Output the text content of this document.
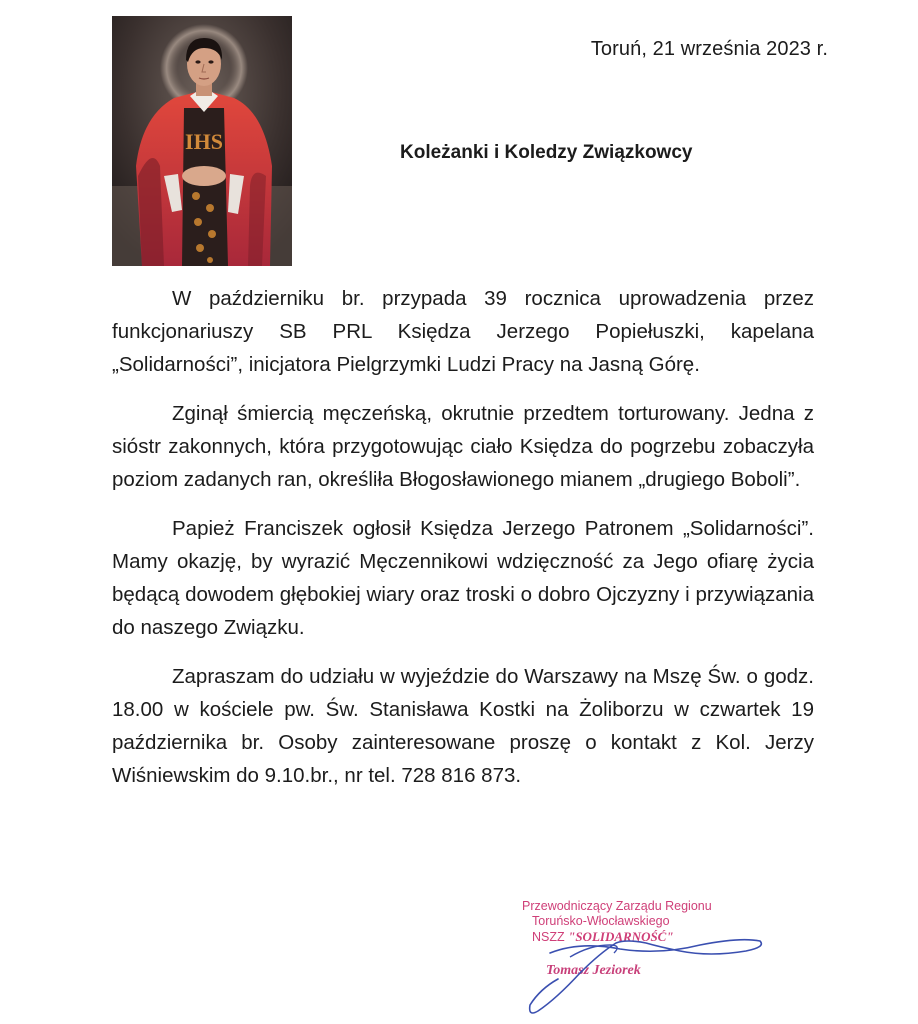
IHS
Toruń, 21 września 2023 r.
Koleżanki i Koledzy Związkowcy

W październiku br. przypada 39 rocznica uprowadzenia przez funkcjonariuszy SB PRL Księdza Jerzego Popiełuszki, kapelana „Solidarności”, inicjatora Pielgrzymki Ludzi Pracy na Jasną Górę.

Zginął śmiercią męczeńską, okrutnie przedtem torturowany. Jedna z sióstr zakonnych, która przygotowując ciało Księdza do pogrzebu zobaczyła poziom zadanych ran, określiła Błogosławionego mianem „drugiego Boboli”.

Papież Franciszek ogłosił Księdza Jerzego Patronem „Solidarności”. Mamy okazję, by wyrazić Męczennikowi wdzięczność za Jego ofiarę życia będącą dowodem głębokiej wiary oraz troski o dobro Ojczyzny i przywiązania do naszego Związku.

Zapraszam do udziału w wyjeździe do Warszawy na Mszę Św. o godz. 18.00 w kościele pw. Św. Stanisława Kostki na Żoliborzu w czwartek 19 października br. Osoby zainteresowane proszę o kontakt z Kol. Jerzy Wiśniewskim do 9.10.br., nr tel. 728 816 873.

Przewodniczący Zarządu Regionu
Toruńsko-Włocławskiego
NSZZ "SOLIDARNOŚĆ"
Tomasz Jeziorek
